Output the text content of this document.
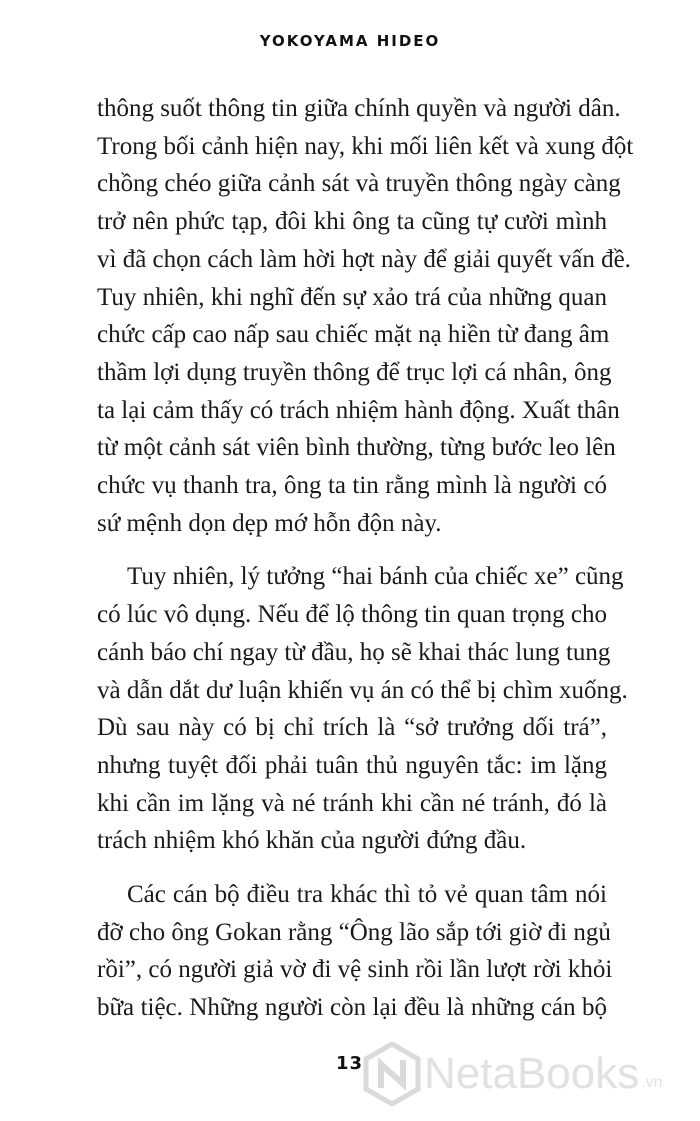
YOKOYAMA HIDEO

thông suốt thông tin giữa chính quyền và người dân.
Trong bối cảnh hiện nay, khi mối liên kết và xung đột
chồng chéo giữa cảnh sát và truyền thông ngày càng
trở nên phức tạp, đôi khi ông ta cũng tự cười mình
vì đã chọn cách làm hời hợt này để giải quyết vấn đề.
Tuy nhiên, khi nghĩ đến sự xảo trá của những quan
chức cấp cao nấp sau chiếc mặt nạ hiền từ đang âm
thầm lợi dụng truyền thông để trục lợi cá nhân, ông
ta lại cảm thấy có trách nhiệm hành động. Xuất thân
từ một cảnh sát viên bình thường, từng bước leo lên
chức vụ thanh tra, ông ta tin rằng mình là người có
sứ mệnh dọn dẹp mớ hỗn độn này.

Tuy nhiên, lý tưởng “hai bánh của chiếc xe” cũng
có lúc vô dụng. Nếu để lộ thông tin quan trọng cho
cánh báo chí ngay từ đầu, họ sẽ khai thác lung tung
và dẫn dắt dư luận khiến vụ án có thể bị chìm xuống.
Dù sau này có bị chỉ trích là “sở trưởng dối trá”,
nhưng tuyệt đối phải tuân thủ nguyên tắc: im lặng
khi cần im lặng và né tránh khi cần né tránh, đó là
trách nhiệm khó khăn của người đứng đầu.

Các cán bộ điều tra khác thì tỏ vẻ quan tâm nói
đỡ cho ông Gokan rằng “Ông lão sắp tới giờ đi ngủ
rồi”, có người giả vờ đi vệ sinh rồi lần lượt rời khỏi
bữa tiệc. Những người còn lại đều là những cán bộ

13 NetaBooks .vn
